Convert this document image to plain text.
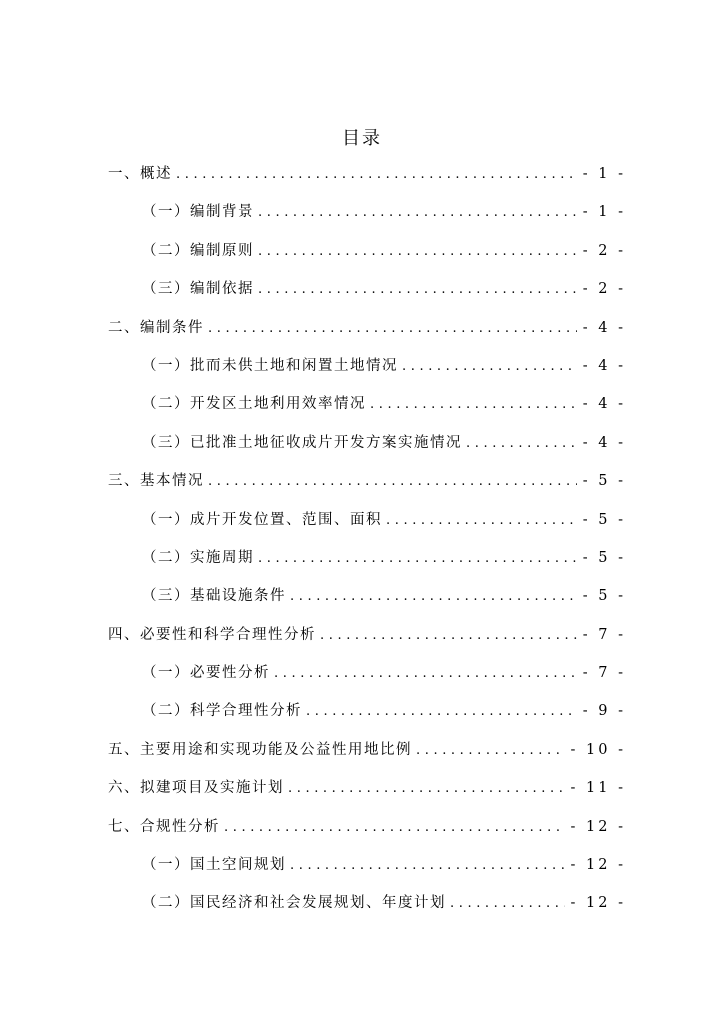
目录
一、概述 .....	- 1 -
（一）编制背景 .....	- 1 -
（二）编制原则 .....	- 2 -
（三）编制依据 .....	- 2 -
二、编制条件 .....	- 4 -
（一）批而未供土地和闲置土地情况 .....	- 4 -
（二）开发区土地利用效率情况 .....	- 4 -
（三）已批准土地征收成片开发方案实施情况 .....	- 4 -
三、基本情况 .....	- 5 -
（一）成片开发位置、范围、面积 .....	- 5 -
（二）实施周期 .....	- 5 -
（三）基础设施条件 .....	- 5 -
四、必要性和科学合理性分析 .....	- 7 -
（一）必要性分析 .....	- 7 -
（二）科学合理性分析 .....	- 9 -
五、主要用途和实现功能及公益性用地比例 .....	- 10 -
六、拟建项目及实施计划 .....	- 11 -
七、合规性分析 .....	- 12 -
（一）国土空间规划 .....	- 12 -
（二）国民经济和社会发展规划、年度计划 .....	- 12 -
